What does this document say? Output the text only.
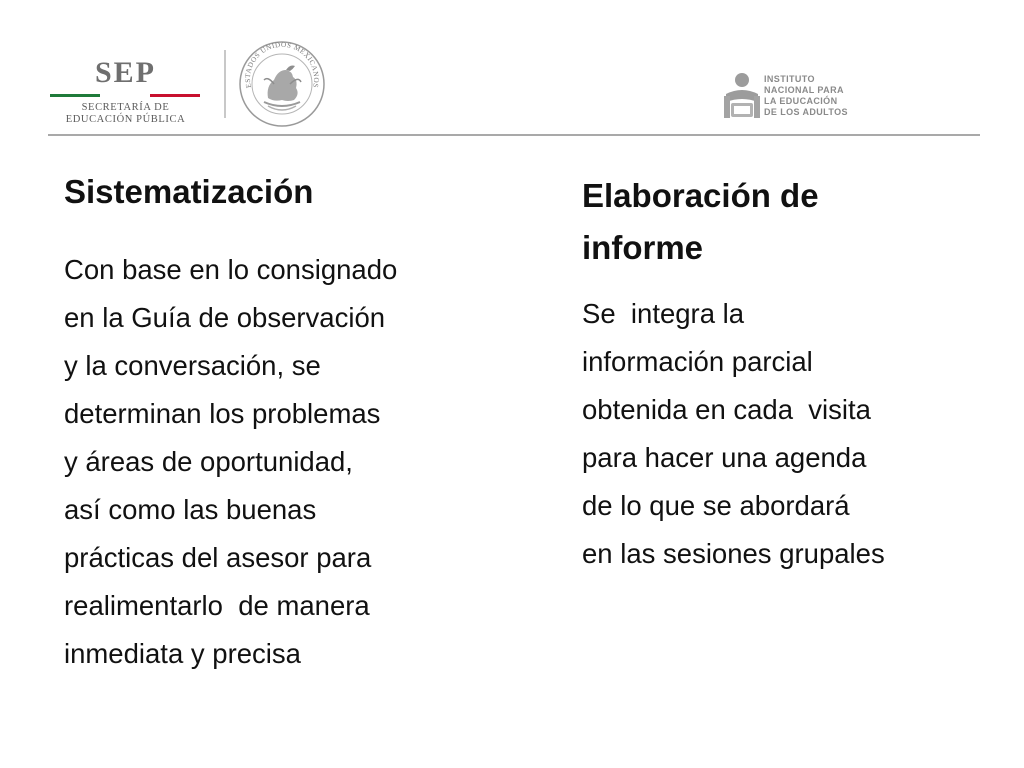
SEP
SECRETARÍA DE
EDUCACIÓN PÚBLICA
ESTADOS UNIDOS MEXICANOS
INSTITUTO
NACIONAL PARA
LA EDUCACIÓN
DE LOS ADULTOS
Sistematización

Con base en lo consignado
en la Guía de observación
y la conversación, se
determinan los problemas
y áreas de oportunidad,
así como las buenas
prácticas del asesor para
realimentarlo  de manera
inmediata y precisa

Elaboración de informe

Se  integra la
información parcial
obtenida en cada  visita
para hacer una agenda
de lo que se abordará
en las sesiones grupales
